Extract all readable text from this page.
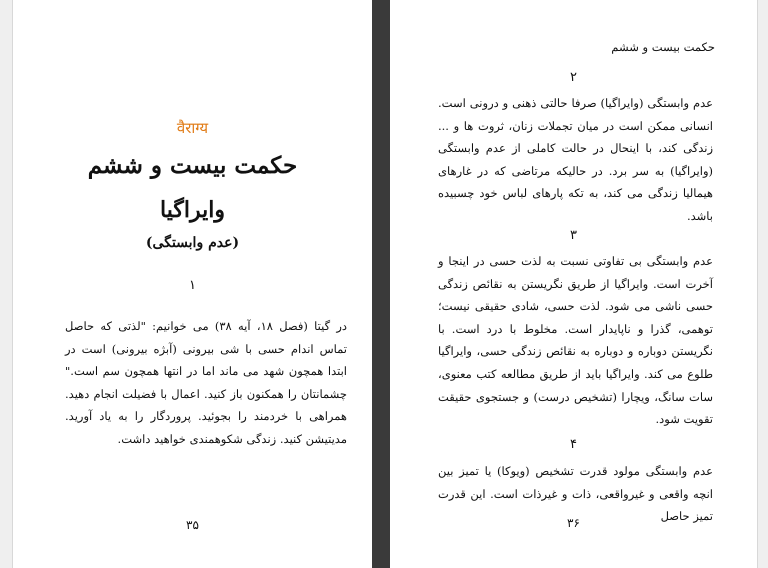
वैराग्य
حکمت بیست و ششم
وایراگیا
(عدم وابستگی)
۱

در گیتا (فصل ۱۸، آیه ۳۸) می خوانیم: "لذتی که حاصل تماس اندام حسی با شی بیرونی (آبژه بیرونی) است در ابتدا همچون شهد می ماند اما در انتها همچون سم است." چشمانتان را همکنون باز کنید. اعمال با فضیلت انجام دهید. همراهی با خردمند را بجوئید. پروردگار را به یاد آورید. مدیتیشن کنید. زندگی شکوهمندی خواهید داشت.

۳۵
حکمت بیست و ششم
۲

عدم وابستگی (وایراگیا) صرفا حالتی ذهنی و درونی است. انسانی ممکن است در میان تجملات زنان، ثروت ها و ... زندگی کند، با اینحال در حالت کاملی از عدم وابستگی (وایراگیا) به سر برد. در حالیکه مرتاضی که در غارهای هیمالیا زندگی می کند، به تکه پارهای لباس خود چسبیده باشد.

۳

عدم وابستگی بی تفاوتی نسبت به لذت حسی در اینجا و آخرت است. وایراگیا از طریق نگریستن به نقائص زندگی حسی ناشی می شود. لذت حسی، شادی حقیقی نیست؛ توهمی، گذرا و ناپایدار است. مخلوط با درد است. با نگریستن دوباره و دوباره به نقائص زندگی حسی، وایراگیا طلوع می کند. وایراگیا باید از طریق مطالعه کتب معنوی، سات سانگ، ویچارا (تشخیص درست) و جستجوی حقیقت تقویت شود.

۴

عدم وابستگی مولود قدرت تشخیص (ویوکا) یا تمیز بین انچه واقعی و غیرواقعی، ذات و غیرذات است. این قدرت تمیز حاصل

۳۶
